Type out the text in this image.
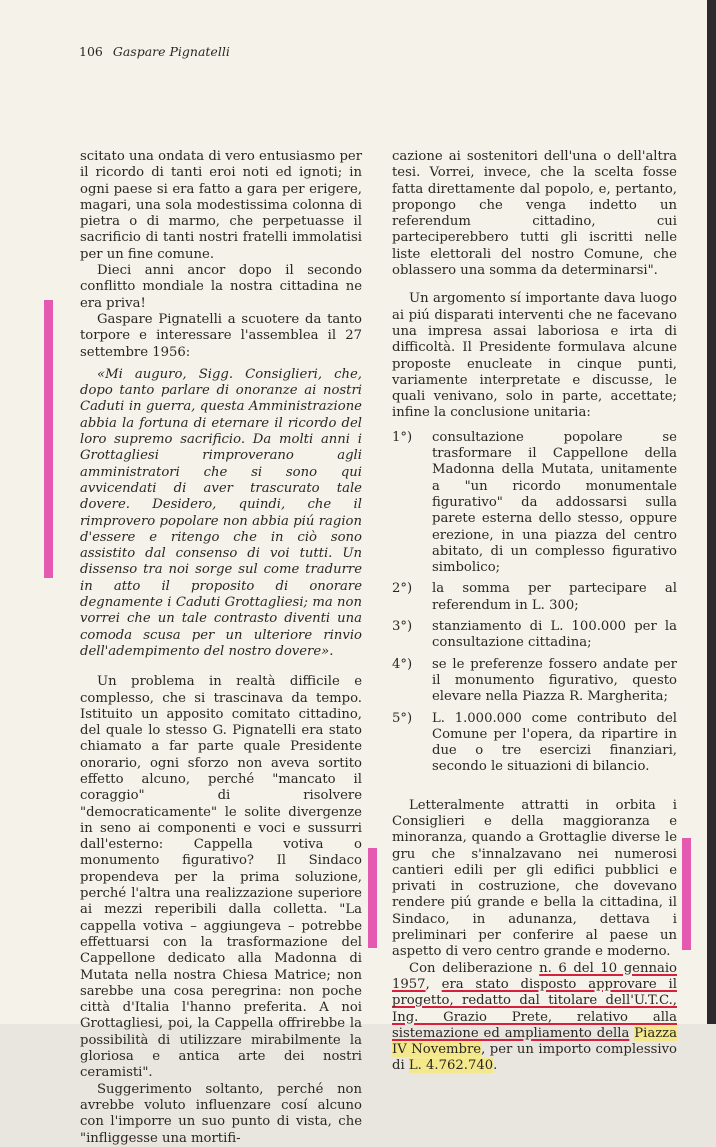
106 Gaspare Pignatelli

scitato una ondata di vero entusiasmo per il ricordo di tanti eroi noti ed ignoti; in ogni paese si era fatto a gara per erigere, magari, una sola modestissima colonna di pietra o di marmo, che perpetuasse il sacrificio di tanti nostri fratelli immolatisi per un fine comune.

Dieci anni ancor dopo il secondo conflitto mondiale la nostra cittadina ne era priva!

Gaspare Pignatelli a scuotere da tanto torpore e interessare l'assemblea il 27 settembre 1956:

«Mi auguro, Sigg. Consiglieri, che, dopo tanto parlare di onoranze ai nostri Caduti in guerra, questa Amministrazione abbia la fortuna di eternare il ricordo del loro supremo sacrificio. Da molti anni i Grottagliesi rimproverano agli amministratori che si sono qui avvicendati di aver trascurato tale dovere. Desidero, quindi, che il rimprovero popolare non abbia piú ragion d'essere e ritengo che in ciò sono assistito dal consenso di voi tutti. Un dissenso tra noi sorge sul come tradurre in atto il proposito di onorare degnamente i Caduti Grottagliesi; ma non vorrei che un tale contrasto diventi una comoda scusa per un ulteriore rinvio dell'adempimento del nostro dovere».

Un problema in realtà difficile e complesso, che si trascinava da tempo. Istituito un apposito comitato cittadino, del quale lo stesso G. Pignatelli era stato chiamato a far parte quale Presidente onorario, ogni sforzo non aveva sortito effetto alcuno, perché "mancato il coraggio" di risolvere "democraticamente" le solite divergenze in seno ai componenti e voci e sussurri dall'esterno: Cappella votiva o monumento figurativo? Il Sindaco propendeva per la prima soluzione, perché l'altra una realizzazione superiore ai mezzi reperibili dalla colletta. "La cappella votiva – aggiungeva – potrebbe effettuarsi con la trasformazione del Cappellone dedicato alla Madonna di Mutata nella nostra Chiesa Matrice; non sarebbe una cosa peregrina: non poche città d'Italia l'hanno preferita. A noi Grottagliesi, poi, la Cappella offrirebbe la possibilità di utilizzare mirabilmente la gloriosa e antica arte dei nostri ceramisti".

Suggerimento soltanto, perché non avrebbe voluto influenzare cosí alcuno con l'imporre un suo punto di vista, che "infliggesse una mortifi-

cazione ai sostenitori dell'una o dell'altra tesi. Vorrei, invece, che la scelta fosse fatta direttamente dal popolo, e, pertanto, propongo che venga indetto un referendum cittadino, cui parteciperebbero tutti gli iscritti nelle liste elettorali del nostro Comune, che oblassero una somma da determinarsi".

Un argomento sí importante dava luogo ai piú disparati interventi che ne facevano una impresa assai laboriosa e irta di difficoltà. Il Presidente formulava alcune proposte enucleate in cinque punti, variamente interpretate e discusse, le quali venivano, solo in parte, accettate; infine la conclusione unitaria:

1°) consultazione popolare se trasformare il Cappellone della Madonna della Mutata, unitamente a "un ricordo monumentale figurativo" da addossarsi sulla parete esterna dello stesso, oppure erezione, in una piazza del centro abitato, di un complesso figurativo simbolico;
2°) la somma per partecipare al referendum in L. 300;
3°) stanziamento di L. 100.000 per la consultazione cittadina;
4°) se le preferenze fossero andate per il monumento figurativo, questo elevare nella Piazza R. Margherita;
5°) L. 1.000.000 come contributo del Comune per l'opera, da ripartire in due o tre esercizi finanziari, secondo le situazioni di bilancio.

Letteralmente attratti in orbita i Consiglieri e della maggioranza e minoranza, quando a Grottaglie diverse le gru che s'innalzavano nei numerosi cantieri edili per gli edifici pubblici e privati in costruzione, che dovevano rendere piú grande e bella la cittadina, il Sindaco, in adunanza, dettava i preliminari per conferire al paese un aspetto di vero centro grande e moderno.

Con deliberazione n. 6 del 10 gennaio 1957, era stato disposto approvare il progetto, redatto dal titolare dell'U.T.C., Ing. Grazio Prete, relativo alla sistemazione ed ampliamento della Piazza IV Novembre, per un importo complessivo di L. 4.762.740.
